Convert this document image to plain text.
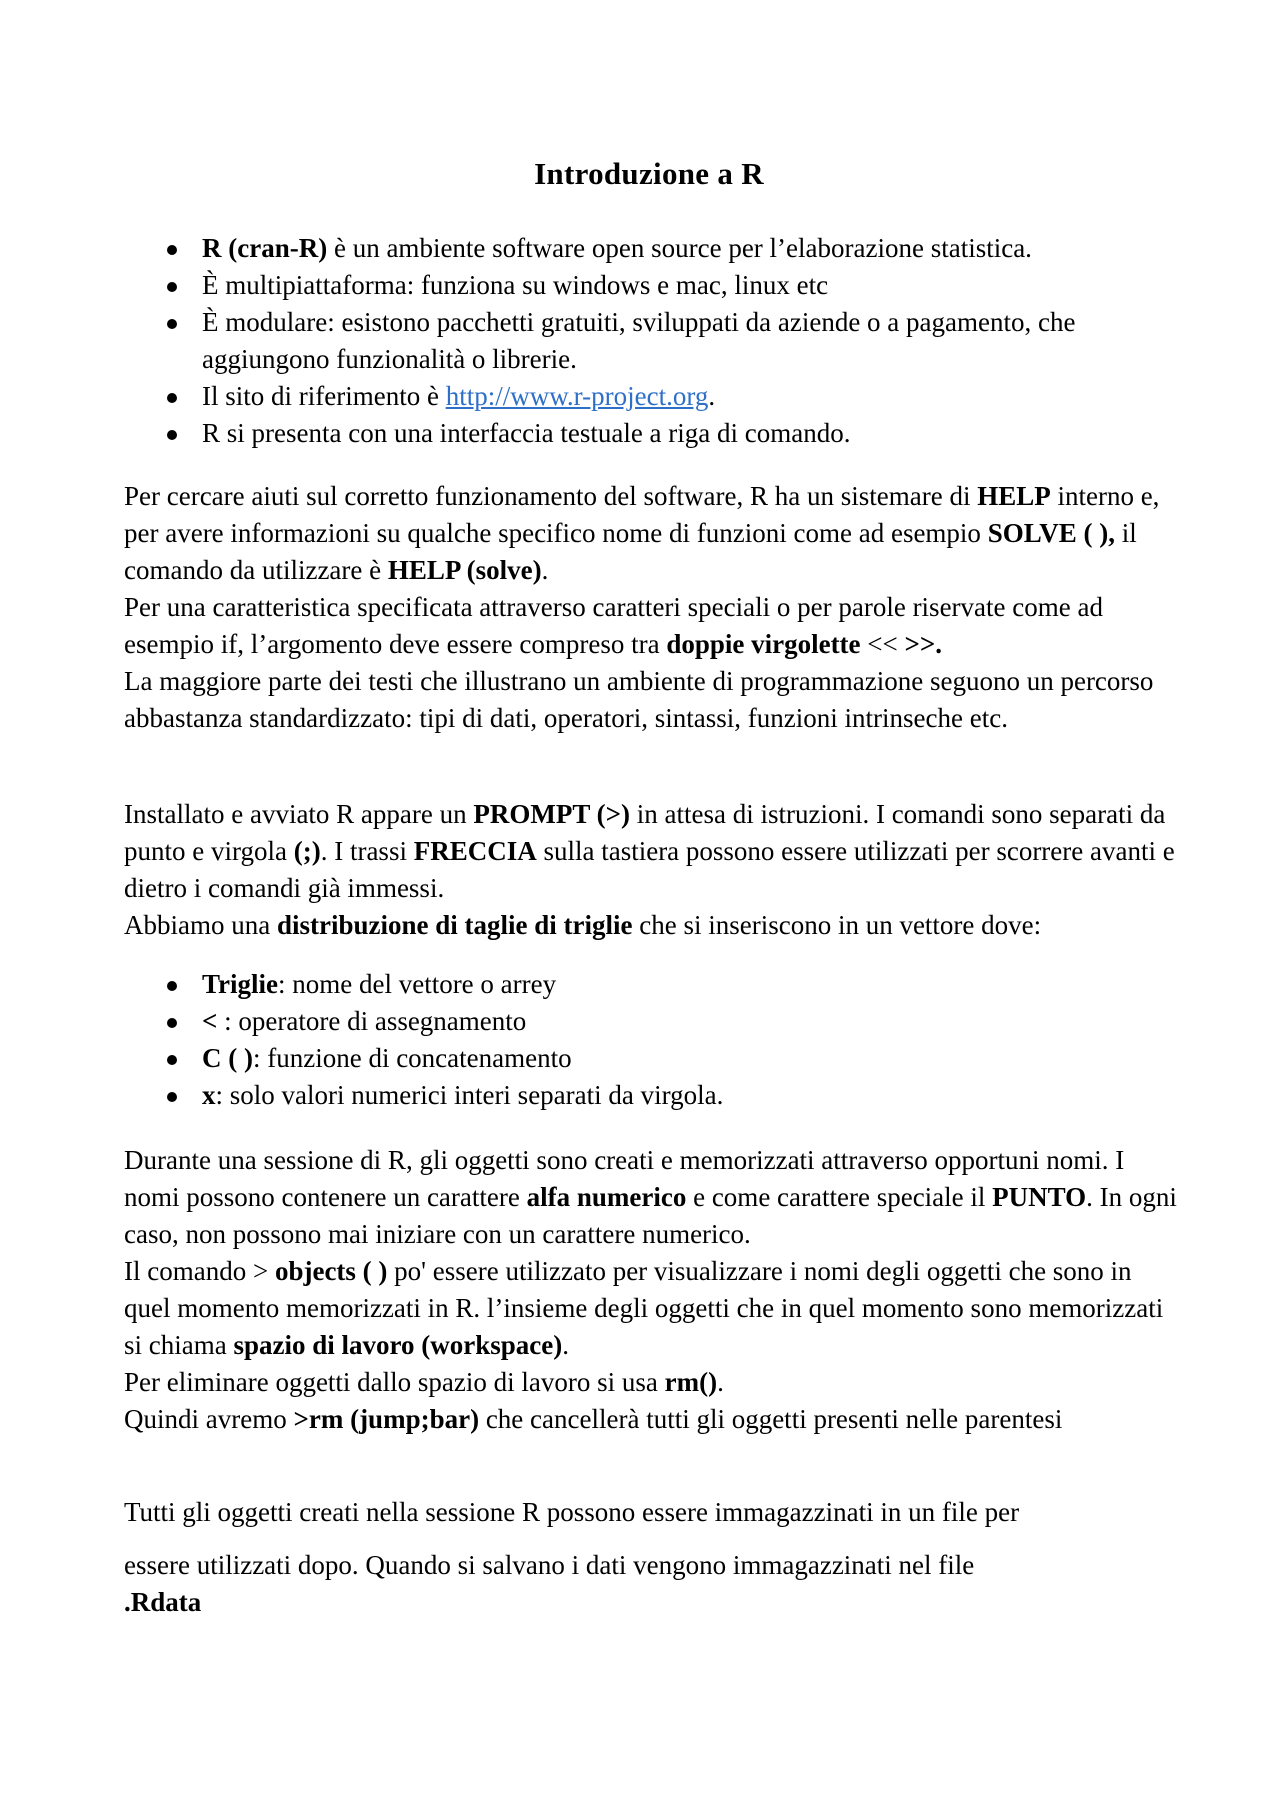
Introduzione a R
R (cran-R) è un ambiente software open source per l’elaborazione statistica.
È multipiattaforma: funziona su windows e mac, linux etc
È modulare: esistono pacchetti gratuiti, sviluppati da aziende o a pagamento, che aggiungono funzionalità o librerie.
Il sito di riferimento è http://www.r-project.org.
R si presenta con una interfaccia testuale a riga di comando.

Per cercare aiuti sul corretto funzionamento del software, R ha un sistemare di HELP interno e, per avere informazioni su qualche specifico nome di funzioni come ad esempio SOLVE ( ), il comando da utilizzare è HELP (solve).

Per una caratteristica specificata attraverso caratteri speciali o per parole riservate come ad esempio if, l’argomento deve essere compreso tra doppie virgolette << >>.

La maggiore parte dei testi che illustrano un ambiente di programmazione seguono un percorso abbastanza standardizzato: tipi di dati, operatori, sintassi, funzioni intrinseche etc.

Installato e avviato R appare un PROMPT (>) in attesa di istruzioni. I comandi sono separati da punto e virgola (;). I trassi FRECCIA sulla tastiera possono essere utilizzati per scorrere avanti e dietro i comandi già immessi.

Abbiamo una distribuzione di taglie di triglie che si inseriscono in un vettore dove:

Triglie: nome del vettore o arrey
< : operatore di assegnamento
C ( ): funzione di concatenamento
x: solo valori numerici interi separati da virgola.

Durante una sessione di R, gli oggetti sono creati e memorizzati attraverso opportuni nomi. I nomi possono contenere un carattere alfa numerico e come carattere speciale il PUNTO. In ogni caso, non possono mai iniziare con un carattere numerico.

Il comando > objects ( ) po' essere utilizzato per visualizzare i nomi degli oggetti che sono in quel momento memorizzati in R. l’insieme degli oggetti che in quel momento sono memorizzati si chiama spazio di lavoro (workspace).

Per eliminare oggetti dallo spazio di lavoro si usa rm().

Quindi avremo >rm (jump;bar) che cancellerà tutti gli oggetti presenti nelle parentesi

Tutti gli oggetti creati nella sessione R possono essere immagazzinati in un file per

essere utilizzati dopo. Quando si salvano i dati vengono immagazzinati nel file

.Rdata
